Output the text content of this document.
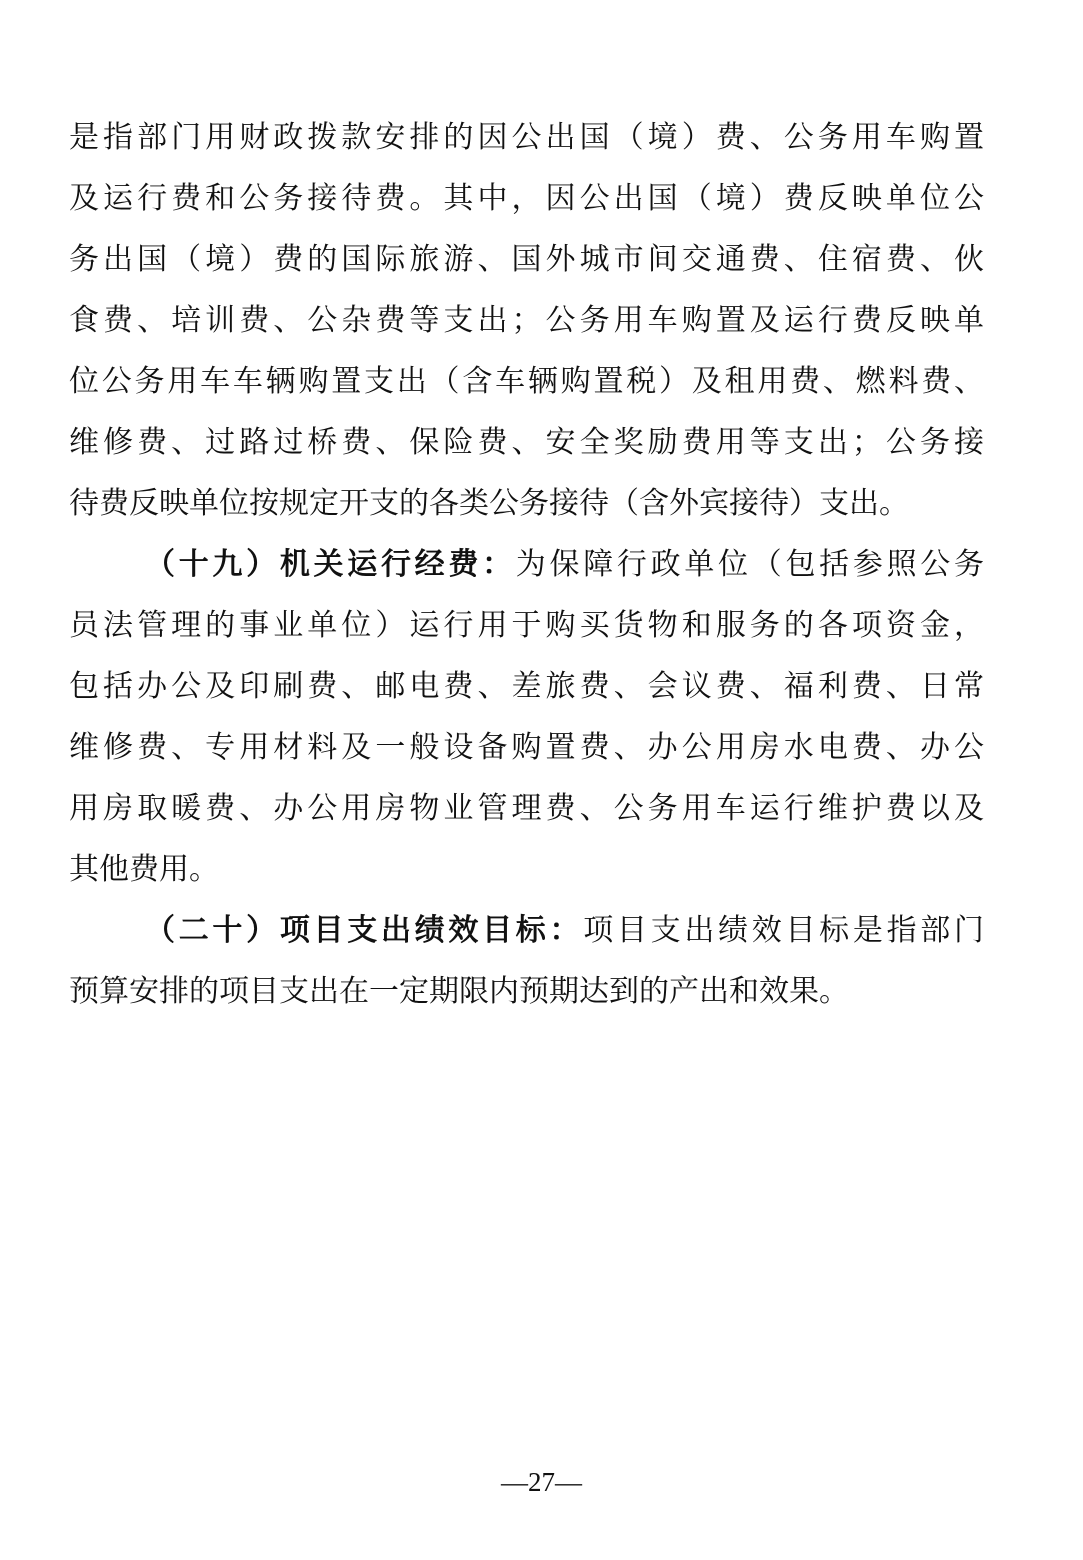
是指部门用财政拨款安排的因公出国（境）费、公务用车购置
及运行费和公务接待费。其中，因公出国（境）费反映单位公
务出国（境）费的国际旅游、国外城市间交通费、住宿费、伙
食费、培训费、公杂费等支出；公务用车购置及运行费反映单
位公务用车车辆购置支出（含车辆购置税）及租用费、燃料费、
维修费、过路过桥费、保险费、安全奖励费用等支出；公务接
待费反映单位按规定开支的各类公务接待（含外宾接待）支出。
（十九）机关运行经费：为保障行政单位（包括参照公务
员法管理的事业单位）运行用于购买货物和服务的各项资金，
包括办公及印刷费、邮电费、差旅费、会议费、福利费、日常
维修费、专用材料及一般设备购置费、办公用房水电费、办公
用房取暖费、办公用房物业管理费、公务用车运行维护费以及
其他费用。
（二十）项目支出绩效目标：项目支出绩效目标是指部门
预算安排的项目支出在一定期限内预期达到的产出和效果。
—27—
